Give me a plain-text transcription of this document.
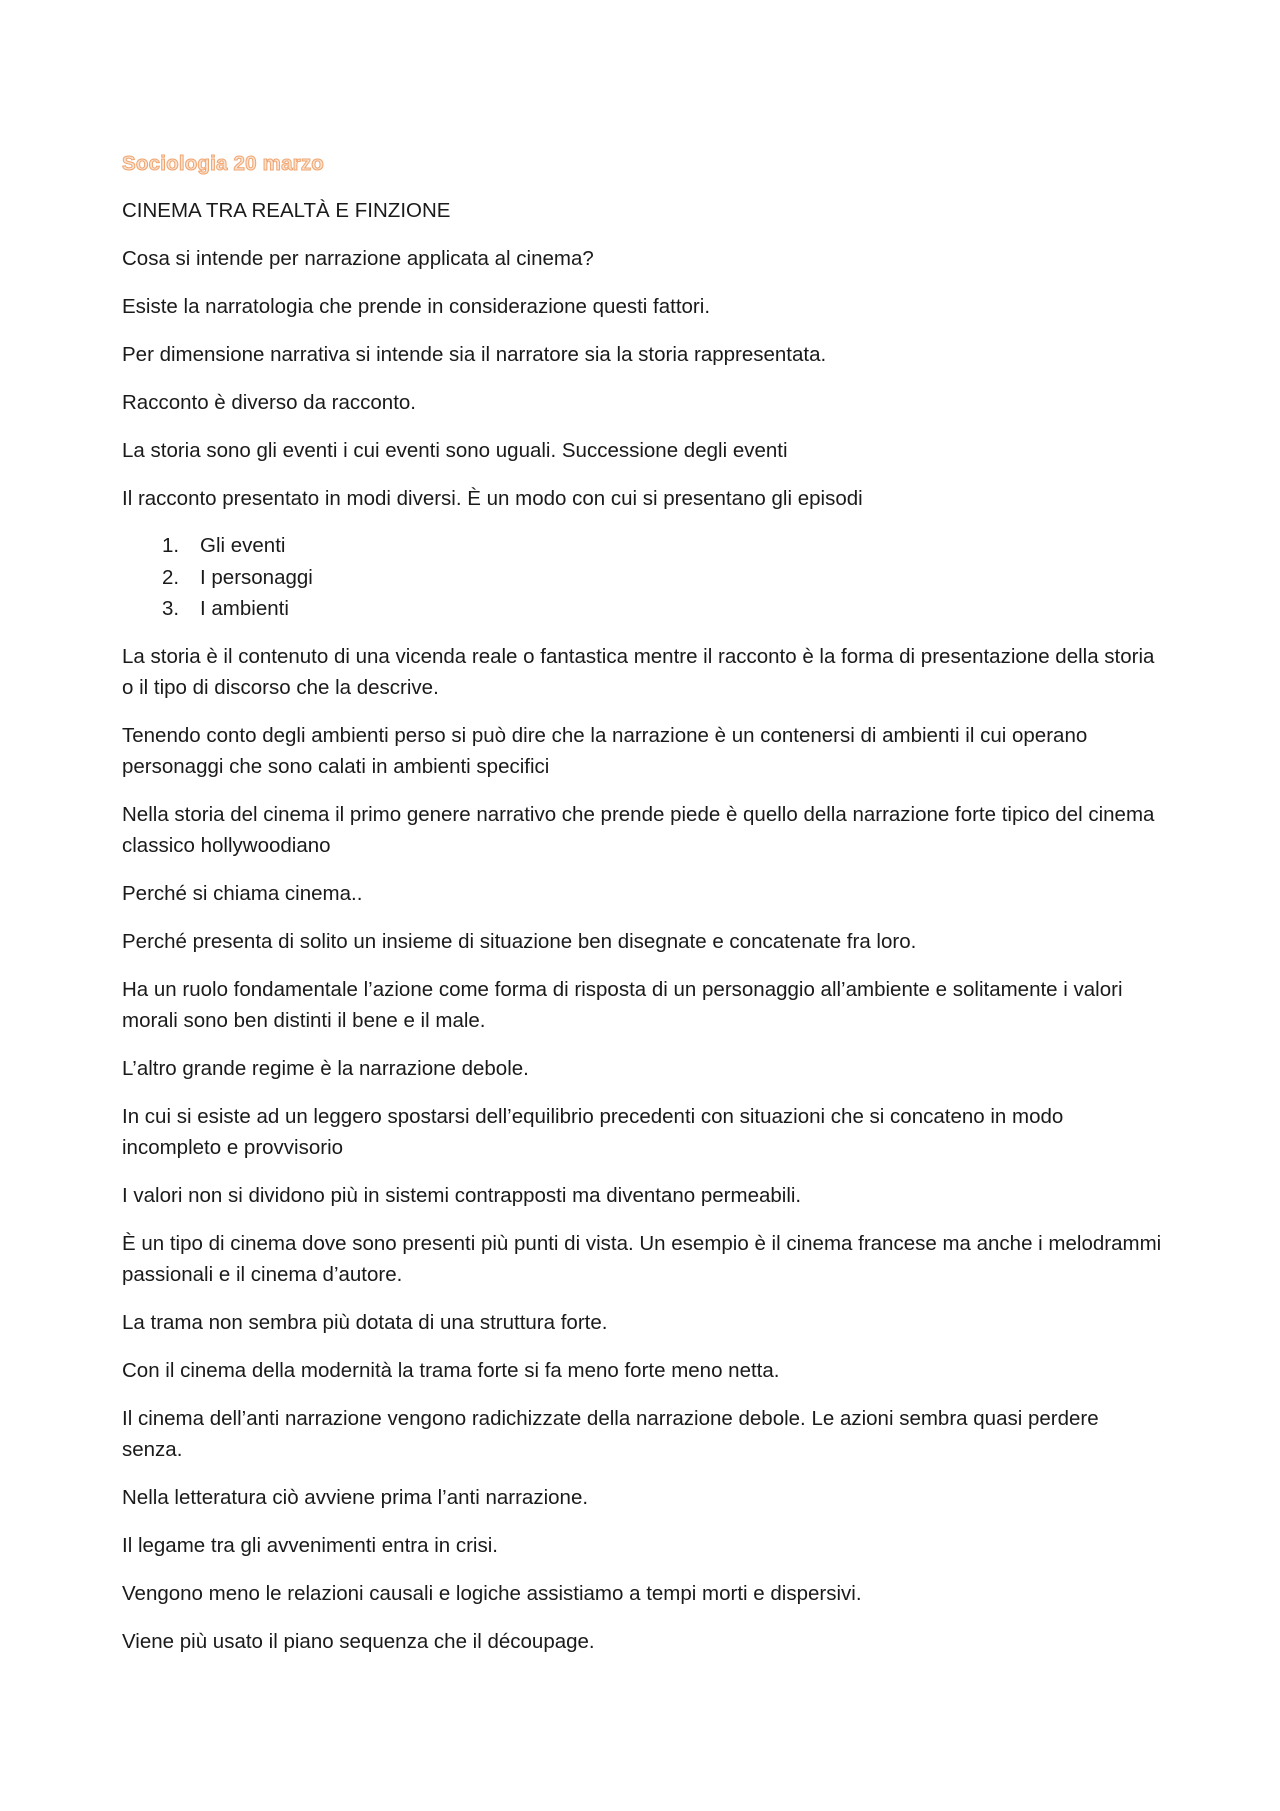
Sociologia 20 marzo

CINEMA TRA REALTÀ E FINZIONE

Cosa si intende per narrazione applicata al cinema?

Esiste la narratologia che prende in considerazione questi fattori.

Per dimensione narrativa si intende sia il narratore sia la storia rappresentata.

Racconto è diverso da racconto.

La storia sono gli eventi i cui eventi sono uguali. Successione degli eventi

Il racconto presentato in modi diversi. È un modo con cui si presentano gli episodi

1.	Gli eventi
2.	I personaggi
3.	I ambienti

La storia è il contenuto di una vicenda reale o fantastica mentre il racconto è la forma di presentazione della storia o il tipo di discorso che la descrive.

Tenendo conto degli ambienti perso si può dire che la narrazione è un contenersi di ambienti il cui operano personaggi che sono calati in ambienti specifici

Nella storia del cinema il primo genere narrativo che prende piede è quello della narrazione forte tipico del cinema classico hollywoodiano

Perché si chiama cinema..

Perché presenta di solito un insieme di situazione ben disegnate e concatenate fra loro.

Ha un ruolo fondamentale l’azione come forma di risposta di un personaggio all’ambiente e solitamente i valori morali sono ben distinti il bene e il male.

L’altro grande regime è la narrazione debole.

In cui si esiste ad un leggero spostarsi dell’equilibrio precedenti con situazioni che si concateno in modo incompleto e provvisorio

I valori non si dividono più in sistemi contrapposti ma diventano permeabili.

È un tipo di cinema dove sono presenti più punti di vista. Un esempio è il cinema francese ma anche i melodrammi passionali e il cinema d’autore.

La trama non sembra più dotata di una struttura forte.

Con il cinema della modernità la trama forte si fa meno forte meno netta.

Il cinema dell’anti narrazione vengono radichizzate della narrazione debole. Le azioni sembra quasi perdere senza.

Nella letteratura ciò avviene prima l’anti narrazione.

Il legame tra gli avvenimenti entra in crisi.

Vengono meno le relazioni causali e logiche assistiamo a tempi morti e dispersivi.

Viene più usato il piano sequenza che il découpage.
